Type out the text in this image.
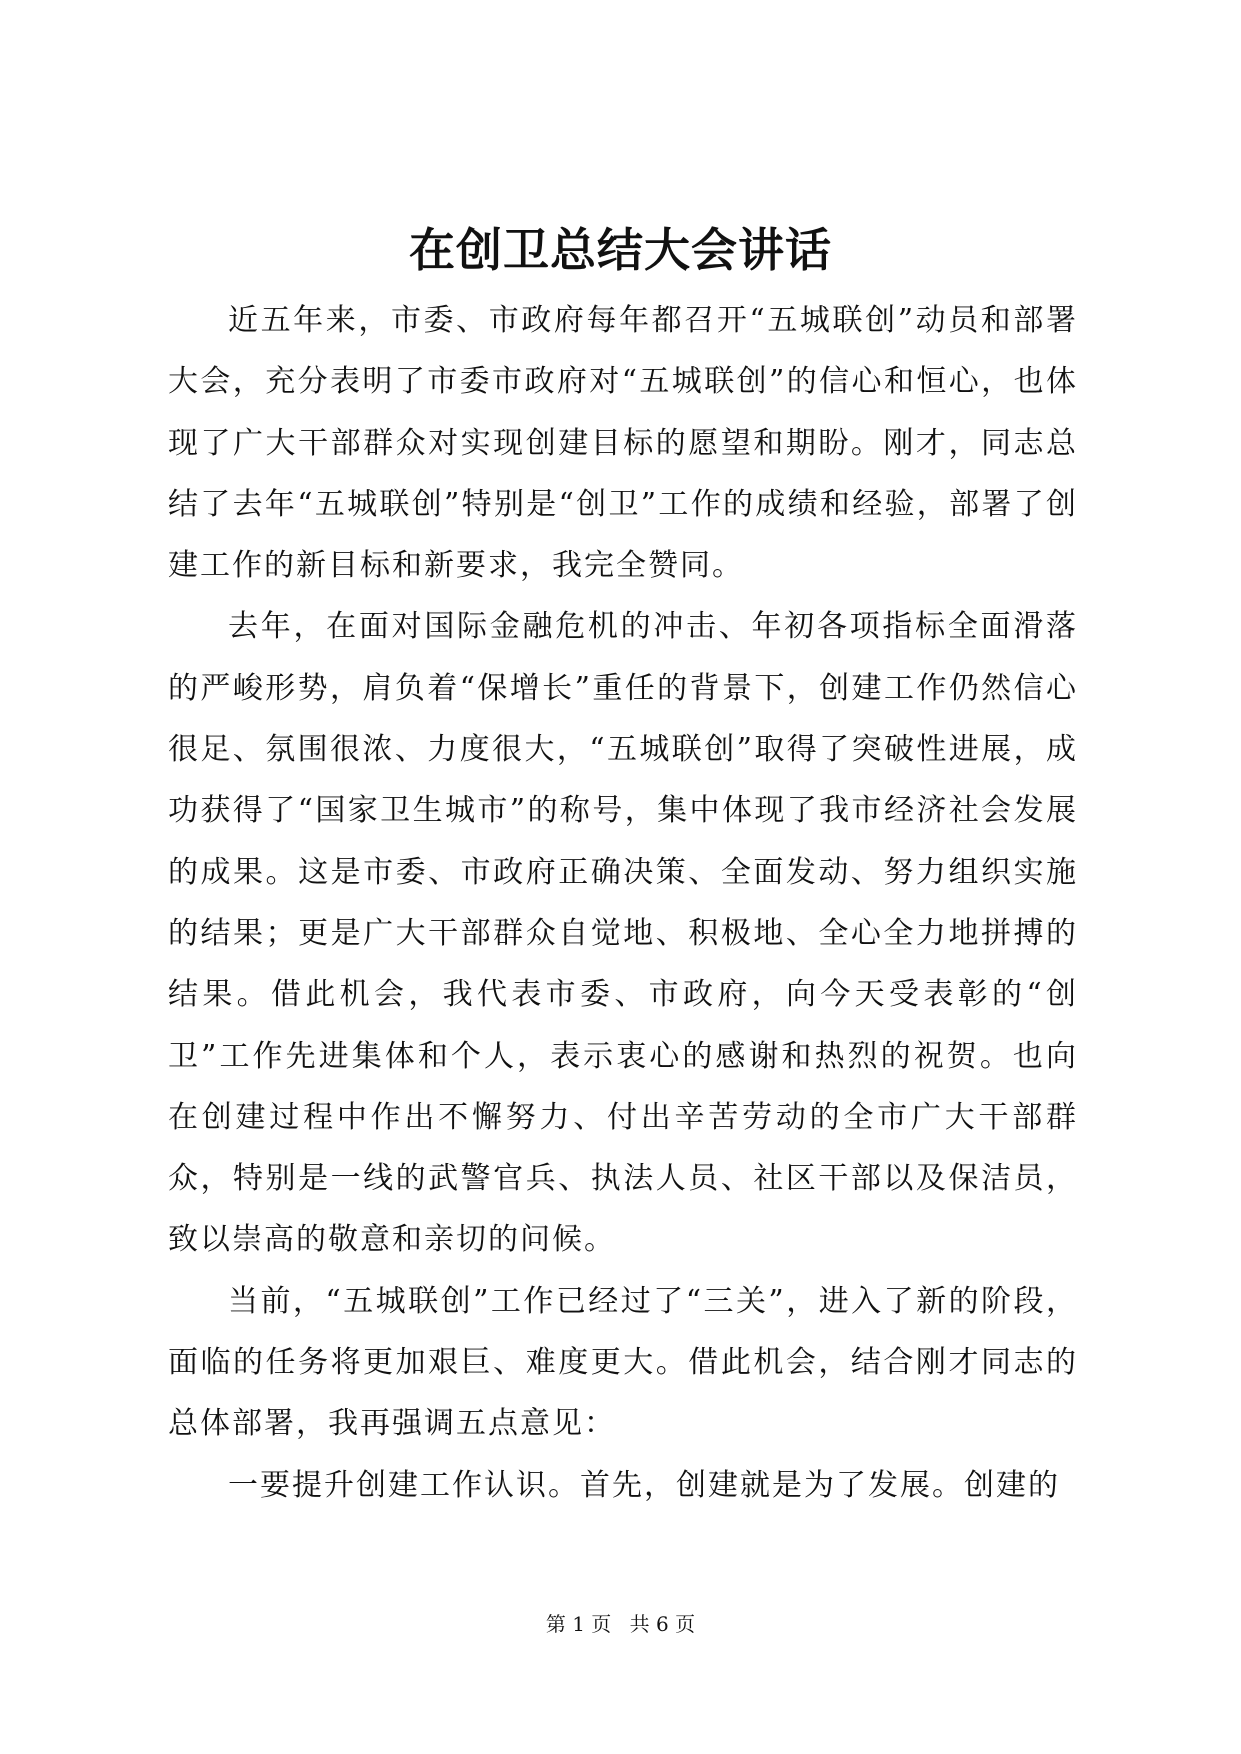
在创卫总结大会讲话

近五年来，市委、市政府每年都召开“五城联创”动员和部署大会，充分表明了市委市政府对“五城联创”的信心和恒心，也体现了广大干部群众对实现创建目标的愿望和期盼。刚才，同志总结了去年“五城联创”特别是“创卫”工作的成绩和经验，部署了创建工作的新目标和新要求，我完全赞同。

去年，在面对国际金融危机的冲击、年初各项指标全面滑落的严峻形势，肩负着“保增长”重任的背景下，创建工作仍然信心很足、氛围很浓、力度很大，“五城联创”取得了突破性进展，成功获得了“国家卫生城市”的称号，集中体现了我市经济社会发展的成果。这是市委、市政府正确决策、全面发动、努力组织实施的结果；更是广大干部群众自觉地、积极地、全心全力地拼搏的结果。借此机会，我代表市委、市政府，向今天受表彰的“创卫”工作先进集体和个人，表示衷心的感谢和热烈的祝贺。也向在创建过程中作出不懈努力、付出辛苦劳动的全市广大干部群众，特别是一线的武警官兵、执法人员、社区干部以及保洁员，致以崇高的敬意和亲切的问候。

当前，“五城联创”工作已经过了“三关”，进入了新的阶段，面临的任务将更加艰巨、难度更大。借此机会，结合刚才同志的总体部署，我再强调五点意见：

一要提升创建工作认识。首先，创建就是为了发展。创建的

第 1 页 共 6 页
